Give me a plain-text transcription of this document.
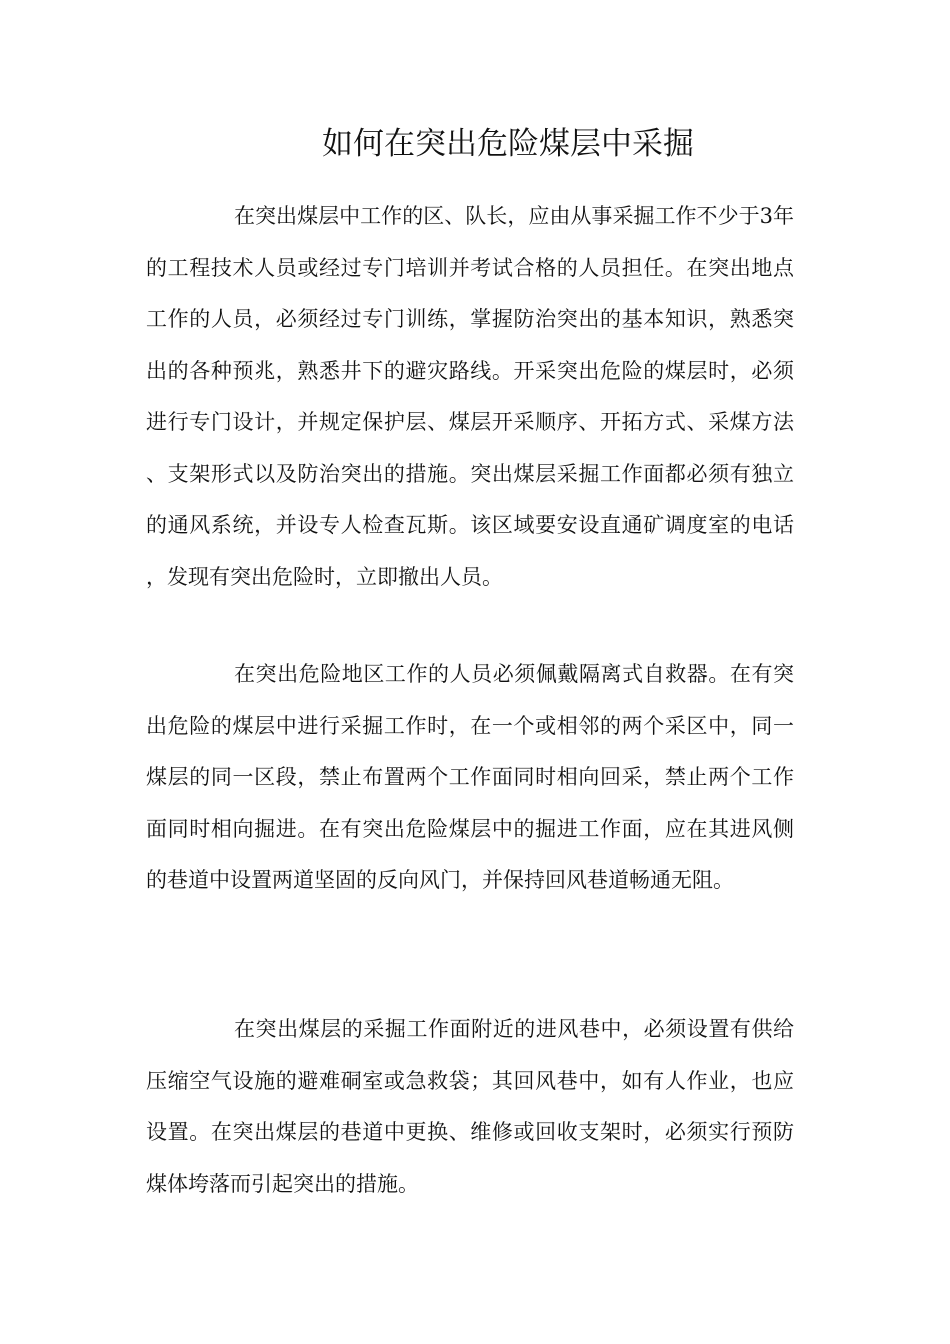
如何在突出危险煤层中采掘

在突出煤层中工作的区、队长，应由从事采掘工作不少于3年的工程技术人员或经过专门培训并考试合格的人员担任。在突出地点工作的人员，必须经过专门训练，掌握防治突出的基本知识，熟悉突出的各种预兆，熟悉井下的避灾路线。开采突出危险的煤层时，必须进行专门设计，并规定保护层、煤层开采顺序、开拓方式、采煤方法、支架形式以及防治突出的措施。突出煤层采掘工作面都必须有独立的通风系统，并设专人检查瓦斯。该区域要安设直通矿调度室的电话，发现有突出危险时，立即撤出人员。

在突出危险地区工作的人员必须佩戴隔离式自救器。在有突出危险的煤层中进行采掘工作时，在一个或相邻的两个采区中，同一煤层的同一区段，禁止布置两个工作面同时相向回采，禁止两个工作面同时相向掘进。在有突出危险煤层中的掘进工作面，应在其进风侧的巷道中设置两道坚固的反向风门，并保持回风巷道畅通无阻。

在突出煤层的采掘工作面附近的进风巷中，必须设置有供给压缩空气设施的避难硐室或急救袋；其回风巷中，如有人作业，也应设置。在突出煤层的巷道中更换、维修或回收支架时，必须实行预防煤体垮落而引起突出的措施。
